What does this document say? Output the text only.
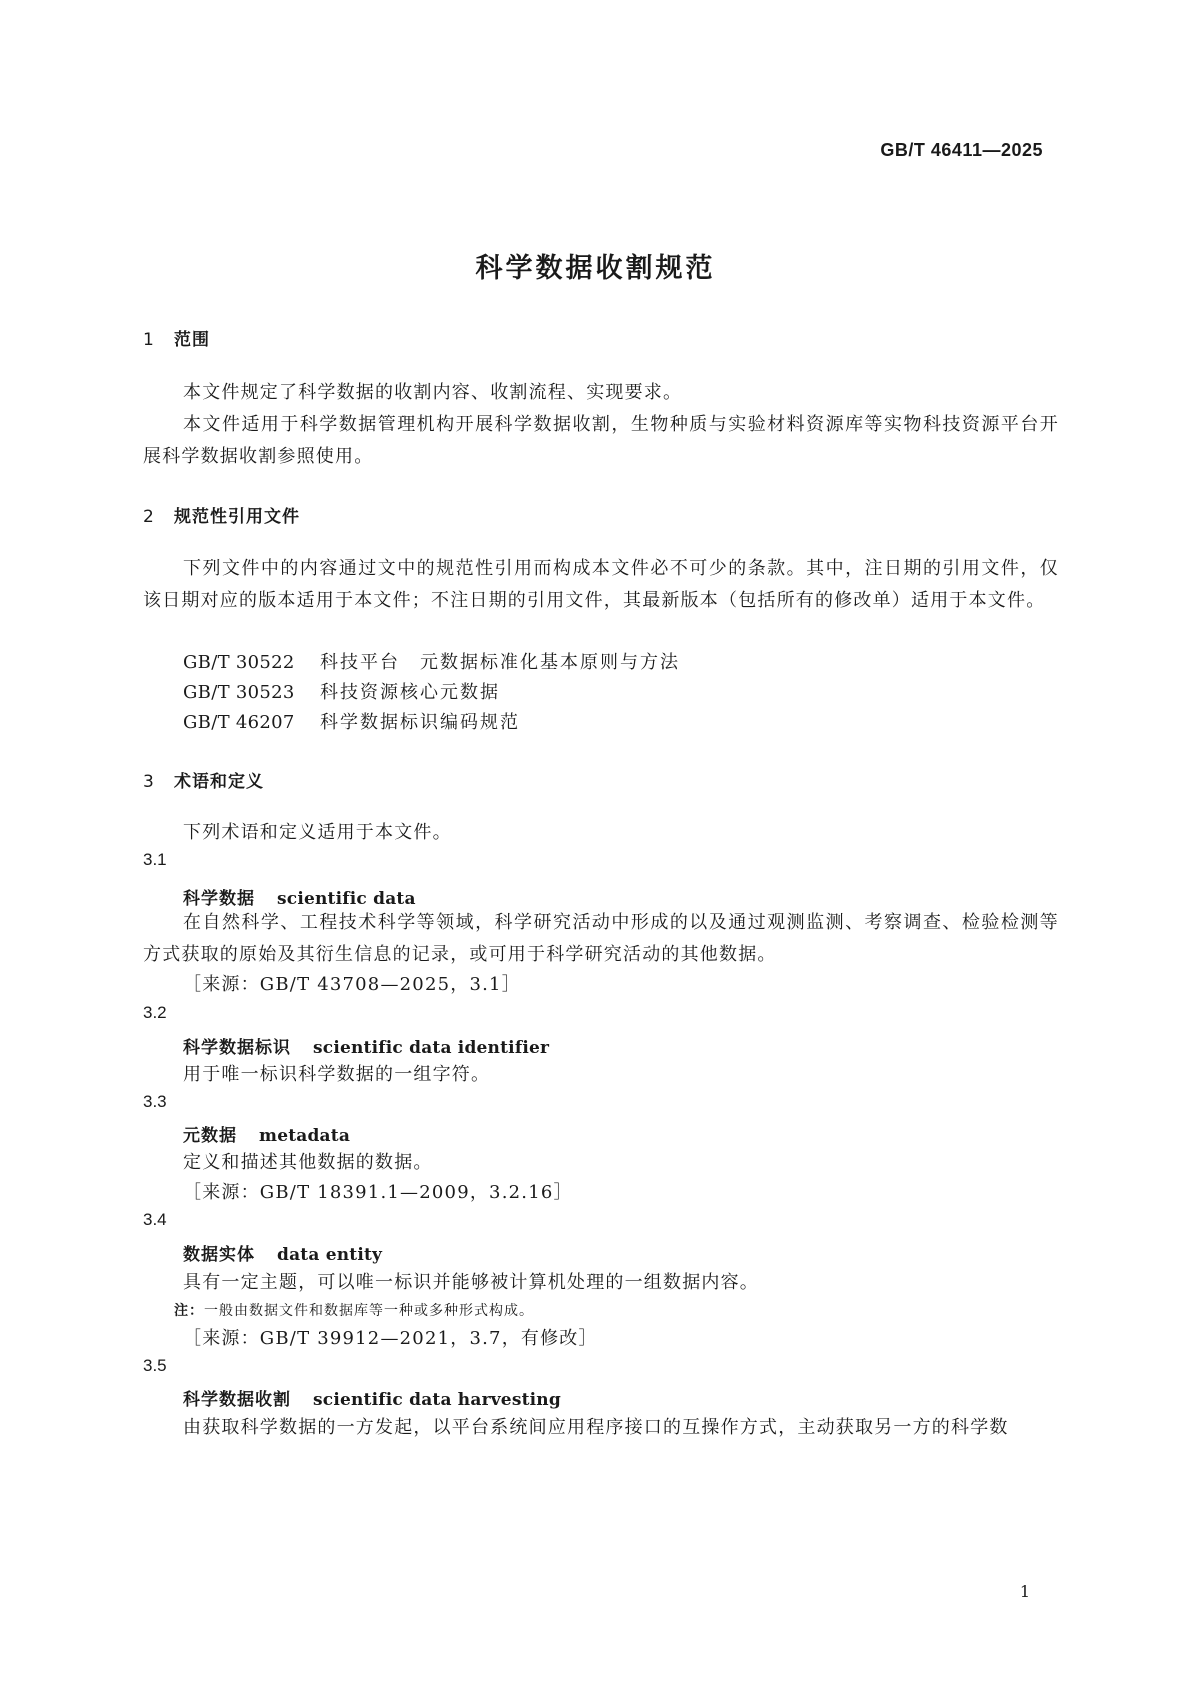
GB/T 46411—2025
科学数据收割规范
1 范围
本文件规定了科学数据的收割内容、收割流程、实现要求。
本文件适用于科学数据管理机构开展科学数据收割，生物种质与实验材料资源库等实物科技资源平台开展科学数据收割参照使用。
2 规范性引用文件
下列文件中的内容通过文中的规范性引用而构成本文件必不可少的条款。其中，注日期的引用文件，仅该日期对应的版本适用于本文件；不注日期的引用文件，其最新版本（包括所有的修改单）适用于本文件。
GB/T 30522 科技平台　元数据标准化基本原则与方法
GB/T 30523 科技资源核心元数据
GB/T 46207 科学数据标识编码规范
3 术语和定义
下列术语和定义适用于本文件。
3.1
科学数据 scientific data
在自然科学、工程技术科学等领域，科学研究活动中形成的以及通过观测监测、考察调查、检验检测等方式获取的原始及其衍生信息的记录，或可用于科学研究活动的其他数据。
［来源：GB/T 43708—2025，3.1］
3.2
科学数据标识 scientific data identifier
用于唯一标识科学数据的一组字符。
3.3
元数据 metadata
定义和描述其他数据的数据。
［来源：GB/T 18391.1—2009，3.2.16］
3.4
数据实体 data entity
具有一定主题，可以唯一标识并能够被计算机处理的一组数据内容。
注：一般由数据文件和数据库等一种或多种形式构成。
［来源：GB/T 39912—2021，3.7，有修改］
3.5
科学数据收割 scientific data harvesting
由获取科学数据的一方发起，以平台系统间应用程序接口的互操作方式，主动获取另一方的科学数
1
